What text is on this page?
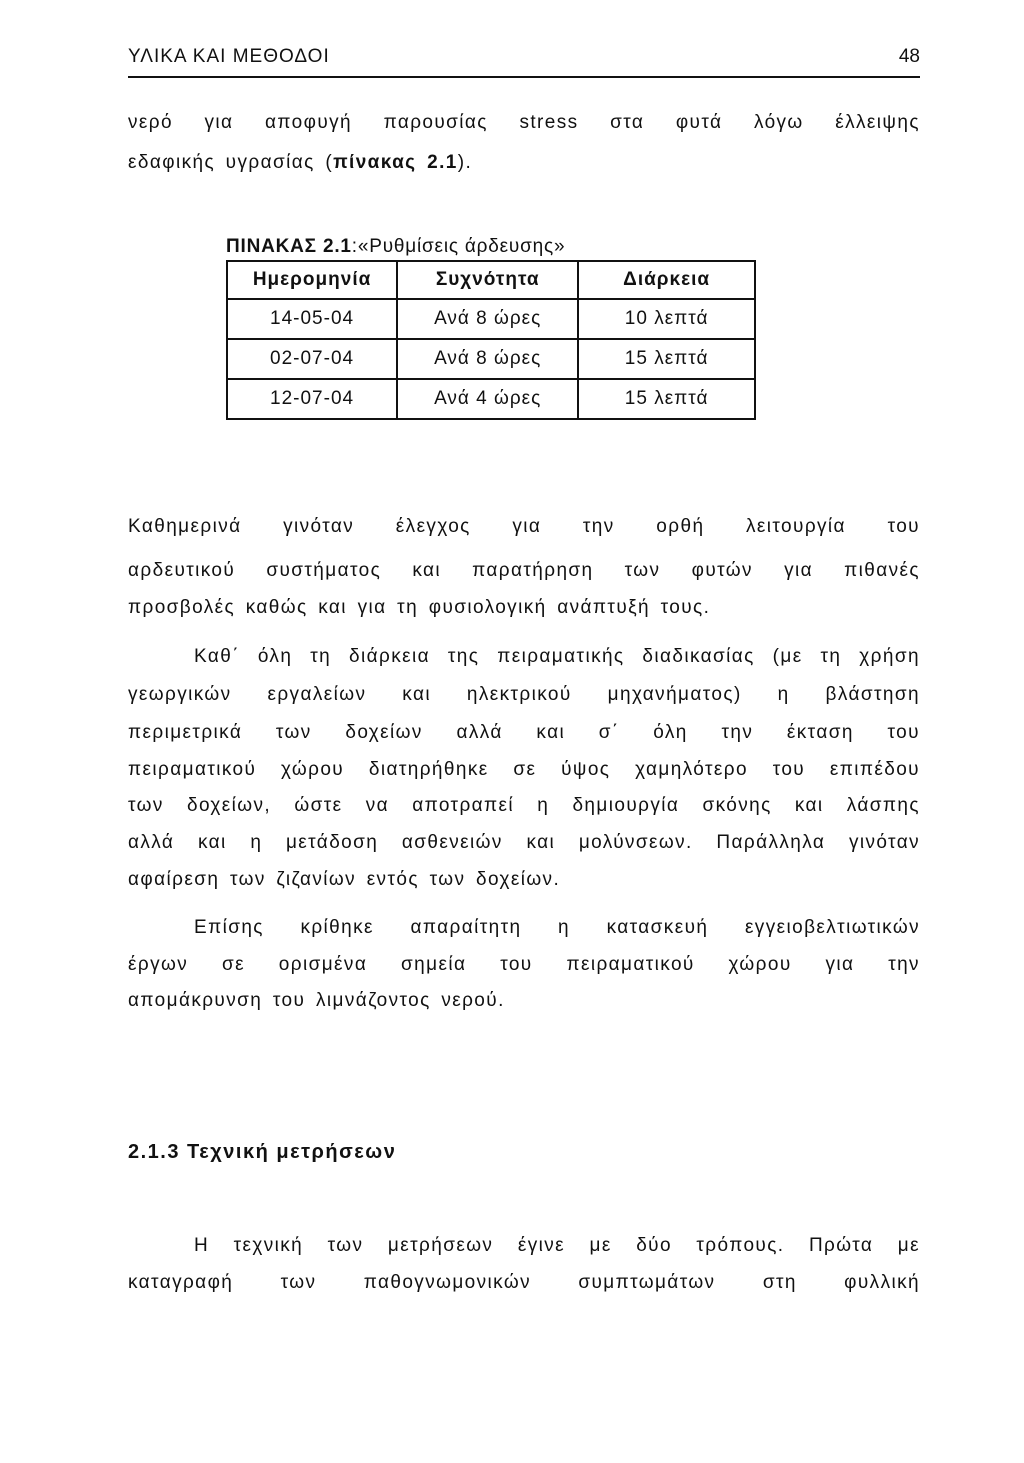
ΥΛΙΚΑ ΚΑΙ ΜΕΘΟΔΟΙ	48
νερό για αποφυγή παρουσίας stress στα φυτά λόγω έλλειψης
εδαφικής υγρασίας (πίνακας 2.1).
ΠΙΝΑΚΑΣ 2.1:«Ρυθμίσεις άρδευσης»
Ημερομηνία	Συχνότητα	Διάρκεια
14-05-04	Ανά 8 ώρες	10 λεπτά
02-07-04	Ανά 8 ώρες	15 λεπτά
12-07-04	Ανά 4 ώρες	15 λεπτά
Καθημερινά γινόταν έλεγχος για την ορθή λειτουργία του
αρδευτικού συστήματος και παρατήρηση των φυτών για πιθανές
προσβολές καθώς και για τη φυσιολογική ανάπτυξή τους.
Καθ΄ όλη τη διάρκεια της πειραματικής διαδικασίας (με τη χρήση
γεωργικών εργαλείων και ηλεκτρικού μηχανήματος) η βλάστηση
περιμετρικά των δοχείων αλλά και σ΄ όλη την έκταση του
πειραματικού χώρου διατηρήθηκε σε ύψος χαμηλότερο του επιπέδου
των δοχείων, ώστε να αποτραπεί η δημιουργία σκόνης και λάσπης
αλλά και η μετάδοση ασθενειών και μολύνσεων. Παράλληλα γινόταν
αφαίρεση των ζιζανίων εντός των δοχείων.
Επίσης κρίθηκε απαραίτητη η κατασκευή εγγειοβελτιωτικών
έργων σε ορισμένα σημεία του πειραματικού χώρου για την
απομάκρυνση του λιμνάζοντος νερού.
2.1.3 Τεχνική μετρήσεων
Η τεχνική των μετρήσεων έγινε με δύο τρόπους. Πρώτα με
καταγραφή των παθογνωμονικών συμπτωμάτων στη φυλλική
